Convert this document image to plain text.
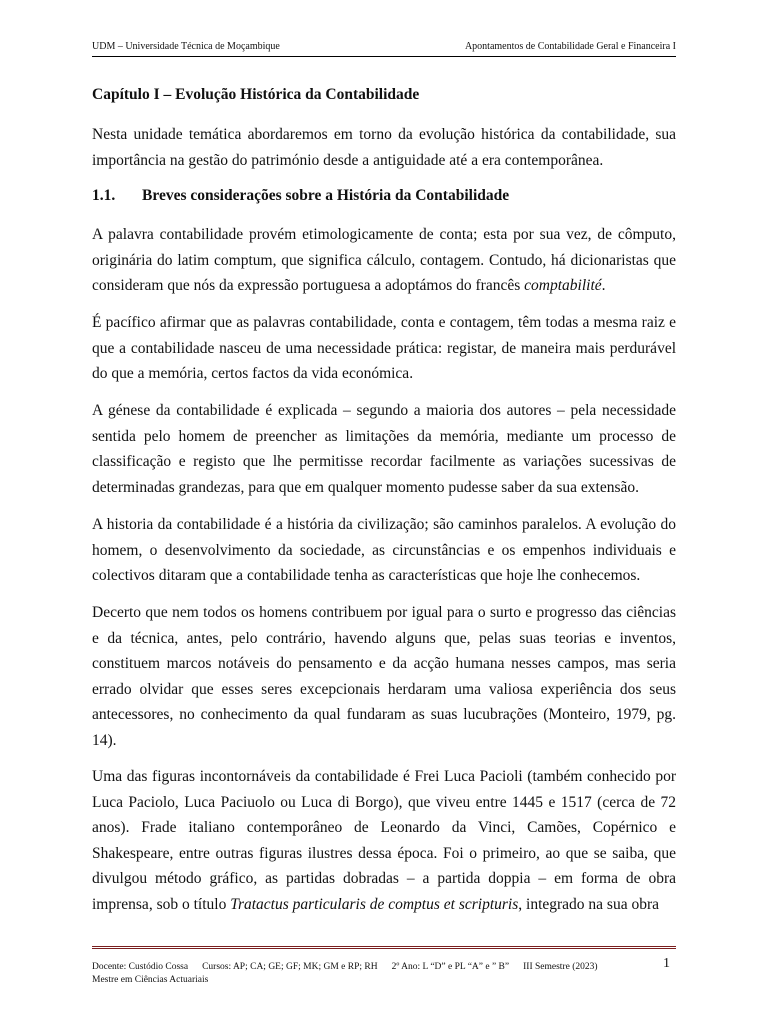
UDM – Universidade Técnica de Moçambique	Apontamentos de Contabilidade Geral e Financeira I
Capítulo I – Evolução Histórica da Contabilidade

Nesta unidade temática abordaremos em torno da evolução histórica da contabilidade, sua importância na gestão do património desde a antiguidade até a era contemporânea.

A palavra contabilidade provém etimologicamente de conta; esta por sua vez, de cômputo, originária do latim comptum, que significa cálculo, contagem. Contudo, há dicionaristas que consideram que nós da expressão portuguesa a adoptámos do francês comptabilité.

É pacífico afirmar que as palavras contabilidade, conta e contagem, têm todas a mesma raiz e que a contabilidade nasceu de uma necessidade prática: registar, de maneira mais perdurável do que a memória, certos factos da vida económica.

A génese da contabilidade é explicada – segundo a maioria dos autores – pela necessidade sentida pelo homem de preencher as limitações da memória, mediante um processo de classificação e registo que lhe permitisse recordar facilmente as variações sucessivas de determinadas grandezas, para que em qualquer momento pudesse saber da sua extensão.

A historia da contabilidade é a história da civilização; são caminhos paralelos. A evolução do homem, o desenvolvimento da sociedade, as circunstâncias e os empenhos individuais e colectivos ditaram que a contabilidade tenha as características que hoje lhe conhecemos.

Decerto que nem todos os homens contribuem por igual para o surto e progresso das ciências e da técnica, antes, pelo contrário, havendo alguns que, pelas suas teorias e inventos, constituem marcos notáveis do pensamento e da acção humana nesses campos, mas seria errado olvidar que esses seres excepcionais herdaram uma valiosa experiência dos seus antecessores, no conhecimento da qual fundaram as suas lucubrações (Monteiro, 1979, pg. 14).

Uma das figuras incontornáveis da contabilidade é Frei Luca Pacioli (também conhecido por Luca Paciolo, Luca Paciuolo ou Luca di Borgo), que viveu entre 1445 e 1517 (cerca de 72 anos). Frade italiano contemporâneo de Leonardo da Vinci, Camões, Copérnico e Shakespeare, entre outras figuras ilustres dessa época. Foi o primeiro, ao que se saiba, que divulgou método gráfico, as partidas dobradas – a partida doppia – em forma de obra imprensa, sob o título Tratactus particularis de comptus et scripturis, integrado na sua obra

1.1. Breves considerações sobre a História da Contabilidade
Docente: Custódio Cossa Cursos: AP; CA; GE; GF; MK; GM e RP; RH 2º Ano: L “D” e PL “A” e ” B” III Semestre (2023)
Mestre em Ciências Actuariais
1
